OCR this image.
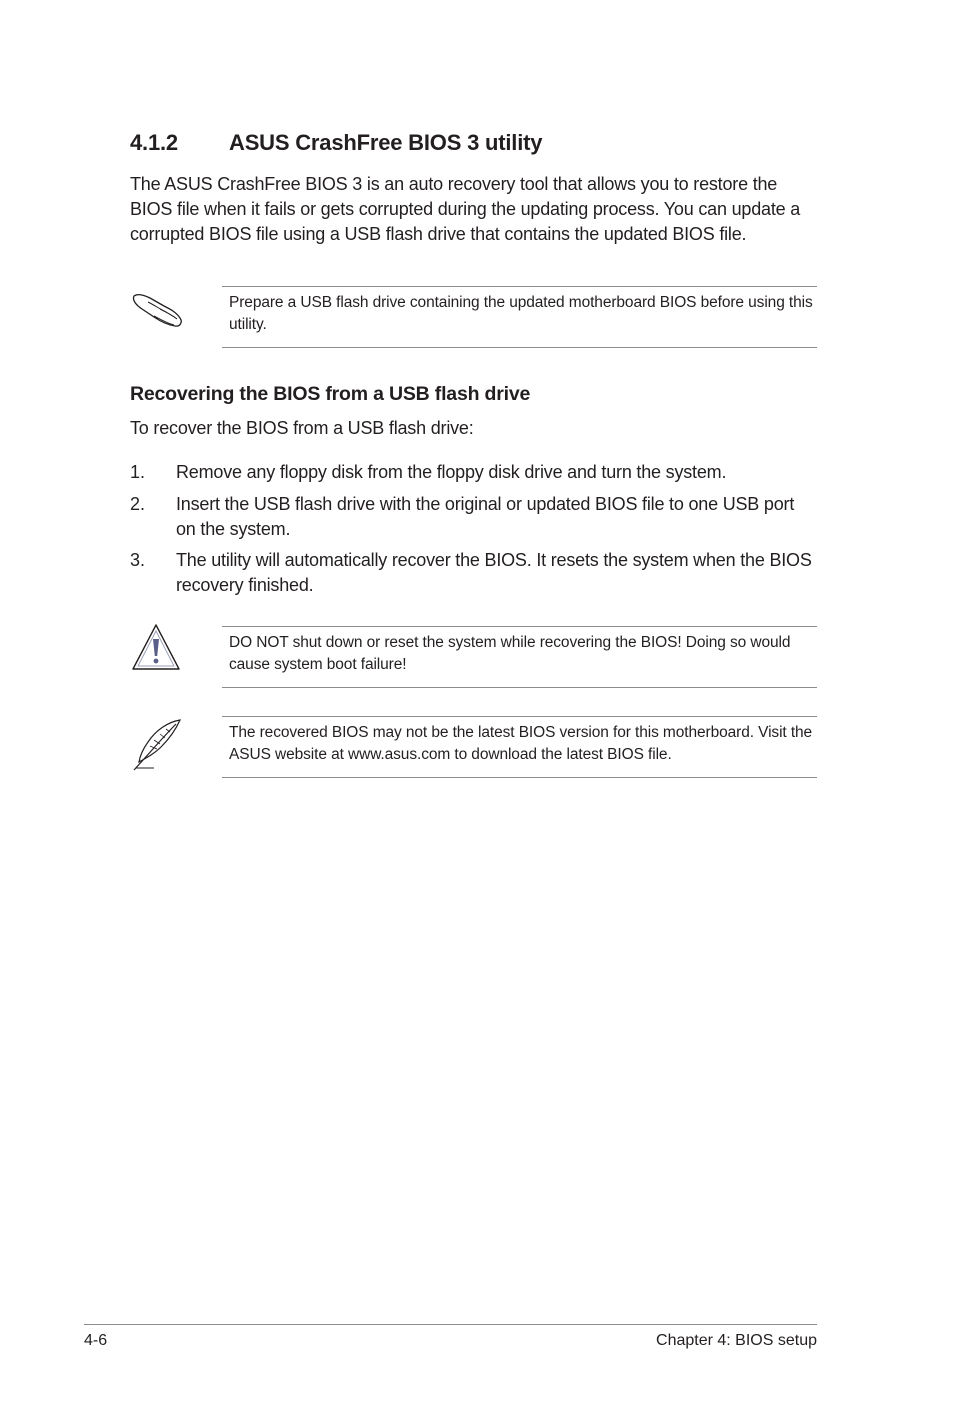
4.1.2 ASUS CrashFree BIOS 3 utility
The ASUS CrashFree BIOS 3 is an auto recovery tool that allows you to restore the BIOS file when it fails or gets corrupted during the updating process. You can update a corrupted BIOS file using a USB flash drive that contains the updated BIOS file.
Prepare a USB flash drive containing the updated motherboard BIOS before using this utility.
Recovering the BIOS from a USB flash drive
To recover the BIOS from a USB flash drive:
1. Remove any floppy disk from the floppy disk drive and turn the system.
2. Insert the USB flash drive with the original or updated BIOS file to one USB port on the system.
3. The utility will automatically recover the BIOS. It resets the system when the BIOS recovery finished.
DO NOT shut down or reset the system while recovering the BIOS! Doing so would cause system boot failure!
The recovered BIOS may not be the latest BIOS version for this motherboard. Visit the ASUS website at www.asus.com to download the latest BIOS file.
4-6	Chapter 4: BIOS setup
